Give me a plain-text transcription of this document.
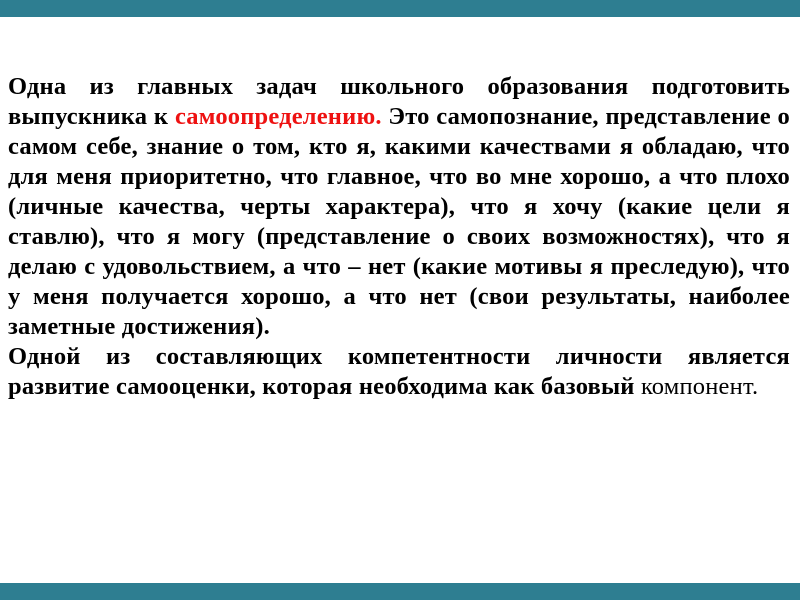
Одна из главных задач школьного образования подготовить выпускника к самоопределению. Это самопознание, представление о самом себе, знание о том, кто я, какими качествами я обладаю, что для меня приоритетно, что главное, что во мне хорошо, а что плохо (личные качества, черты характера), что я хочу (какие цели я ставлю), что я могу (представление о своих возможностях), что я делаю с удовольствием, а что – нет (какие мотивы я преследую), что у меня получается хорошо, а что нет (свои результаты, наиболее заметные достижения).

Одной из составляющих компетентности личности является развитие самооценки, которая необходима как базовый компонент.
